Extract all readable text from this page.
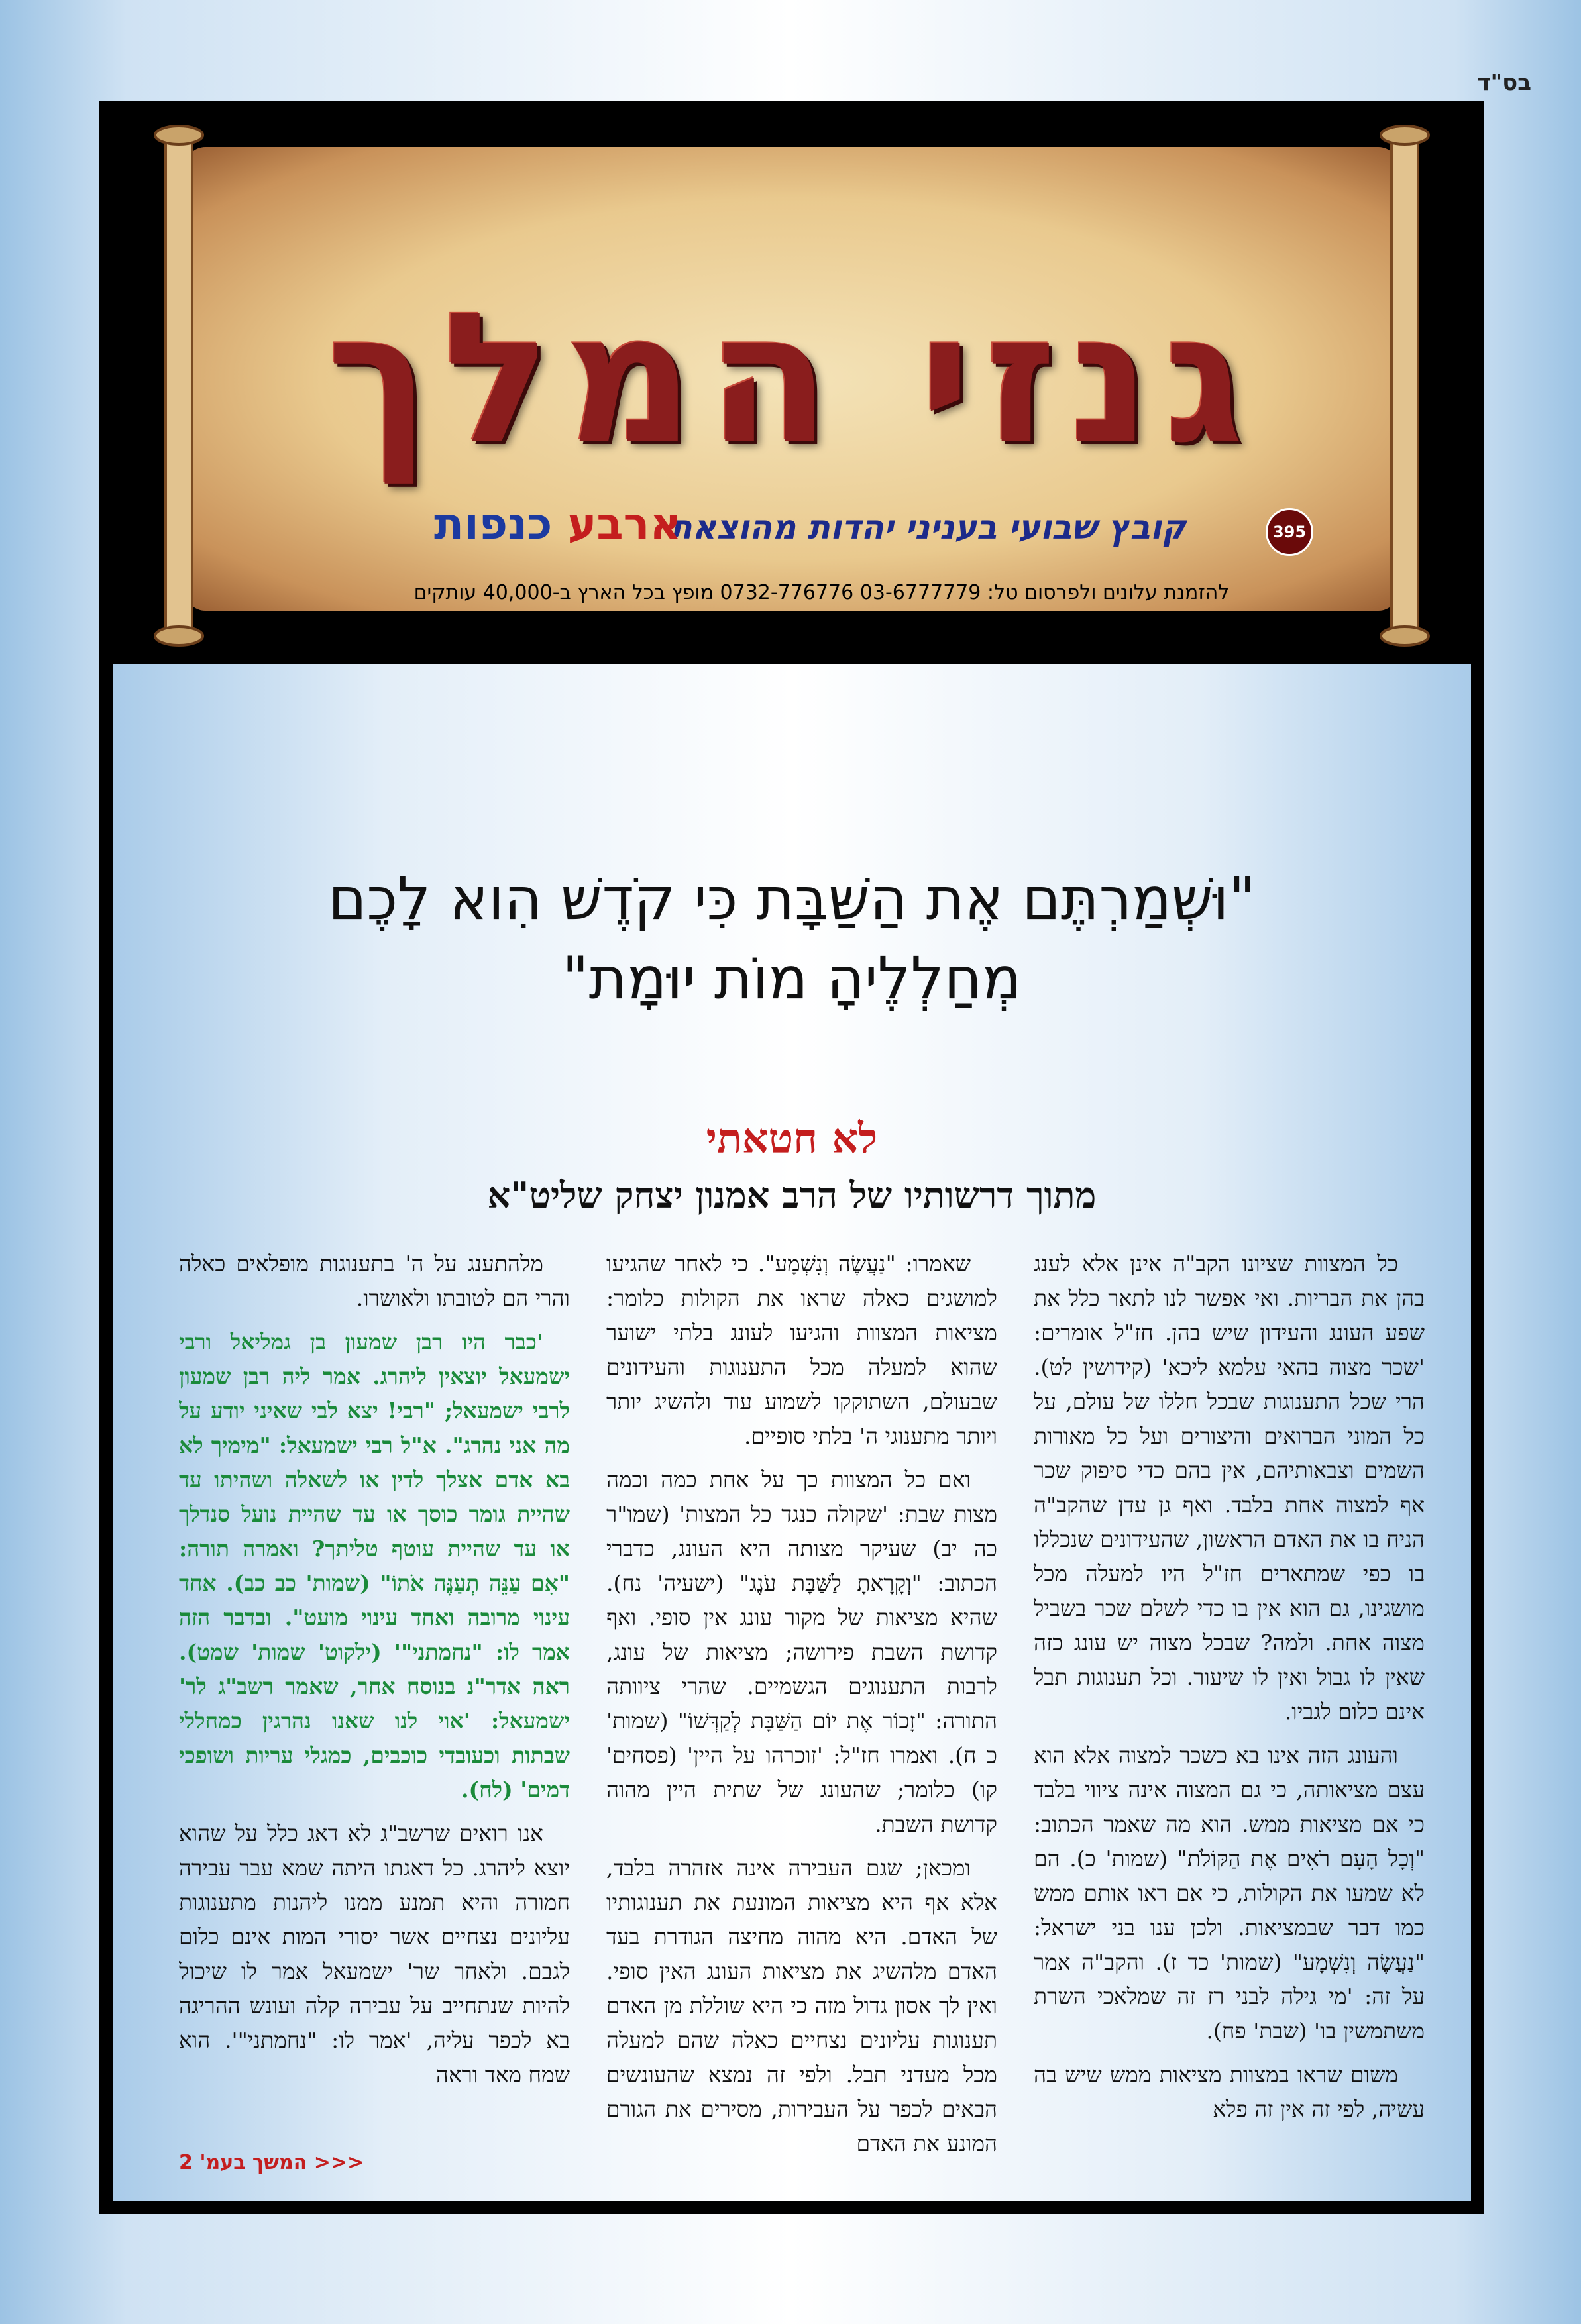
בס"ד
גנזי המלך
395
קובץ שבועי בעניני יהדות מהוצאת
ארבע כנפות
להזמנת עלונים ולפרסום טל: 03-6777779 0732-776776 מופץ בכל הארץ ב-40,000 עותקים
"וּשְׁמַרְתֶּם אֶת הַשַּׁבָּת כִּי קֹדֶשׁ הִוא לָכֶם
מְחַלְלֶיהָ מוֹת יוּמָת"
לא חטאתי
מתוך דרשותיו של הרב אמנון יצחק שליט"א

כל המצוות שציונו הקב"ה אינן אלא לענג בהן את הבריות. ואי אפשר לנו לתאר כלל את שפע העונג והעידון שיש בהן. חז"ל אומרים: 'שכר מצוה בהאי עלמא ליכא' (קידושין לט). הרי שכל התענוגות שבכל חללו של עולם, על כל המוני הברואים והיצורים ועל כל מאורות השמים וצבאותיהם, אין בהם כדי סיפוק שכר אף למצוה אחת בלבד. ואף גן עדן שהקב"ה הניח בו את האדם הראשון, שהעידונים שנכללו בו כפי שמתארים חז"ל היו למעלה מכל מושגינו, גם הוא אין בו כדי לשלם שכר בשביל מצוה אחת. ולמה? שבכל מצוה יש עונג כזה שאין לו גבול ואין לו שיעור. וכל תענוגות תבל אינם כלום לגביו.

והעונג הזה אינו בא כשכר למצוה אלא הוא עצם מציאותה, כי גם המצוה אינה ציווי בלבד כי אם מציאות ממש. הוא מה שאמר הכתוב: "וְכָל הָעָם רֹאִים אֶת הַקּוֹלֹת" (שמות' כ). הם לא שמעו את הקולות, כי אם ראו אותם ממש כמו דבר שבמציאות. ולכן ענו בני ישראל: "נַעֲשֶׂה וְנִשְׁמָע" (שמות' כד ז). והקב"ה אמר על זה: 'מי גילה לבני רז זה שמלאכי השרת משתמשין בו' (שבת' פח).

משום שראו במצוות מציאות ממש שיש בה עשיה, לפי זה אין זה פלא

שאמרו: "נַעֲשֶׂה וְנִשְׁמָע". כי לאחר שהגיעו למושגים כאלה שראו את הקולות כלומר: מציאות המצוות והגיעו לעונג בלתי ישוער שהוא למעלה מכל התענוגות והעידונים שבעולם, השתוקקו לשמוע עוד ולהשיג יותר ויותר מתענוגי ה' בלתי סופיים.

ואם כל המצוות כך על אחת כמה וכמה מצות שבת: 'שקולה כנגד כל המצות' (שמו"ר כה יב) שעיקר מצותה היא העונג, כדברי הכתוב: "וְקָרָאתָ לַשַּׁבָּת עֹנֶג" (ישעיה' נח). שהיא מציאות של מקור עונג אין סופי. ואף קדושת השבת פירושה; מציאות של עונג, לרבות התענוגים הגשמיים. שהרי ציוותה התורה: "זָכוֹר אֶת יוֹם הַשַּׁבָּת לְקַדְּשׁוֹ" (שמות' כ ח). ואמרו חז"ל: 'זוכרהו על היין' (פסחים' קו) כלומר; שהעונג של שתית היין מהוה קדושת השבת.

ומכאן; שגם העבירה אינה אזהרה בלבד, אלא אף היא מציאות המונעת את תענוגותיו של האדם. היא מהוה מחיצה הגודרת בעד האדם מלהשיג את מציאות העונג האין סופי. ואין לך אסון גדול מזה כי היא שוללת מן האדם תענוגות עליונים נצחיים כאלה שהם למעלה מכל מעדני תבל. ולפי זה נמצא שהעונשים הבאים לכפר על העבירות, מסירים את הגורם המונע את האדם

מלהתענג על ה' בתענוגות מופלאים כאלה והרי הם לטובתו ולאושרו.

'כבר היו רבן שמעון בן גמליאל ורבי ישמעאל יוצאין ליהרג. אמר ליה רבן שמעון לרבי ישמעאל; "רבי! יצא לבי שאיני יודע על מה אני נהרג". א"ל רבי ישמעאל: "מימיך לא בא אדם אצלך לדין או לשאלה ושהיתו עד שהיית גומר כוסך או עד שהיית נועל סנדלך או עד שהיית עוטף טליתך? ואמרה תורה: "אִם עַנֵּה תְעַנֶּה אֹתוֹ" (שמות' כב כב). אחד עינוי מרובה ואחד עינוי מועט". ובדבר הזה אמר לו: "נחמתני"' (ילקוט' שמות' שמט). ראה אדר"נ בנוסח אחר, שאמר רשב"ג לר' ישמעאל: 'אוי לנו שאנו נהרגין כמחללי שבתות וכעובדי כוכבים, כמגלי עריות ושופכי דמים' (לח).

אנו רואים שרשב"ג לא דאג כלל על שהוא יוצא ליהרג. כל דאגתו היתה שמא עבר עבירה חמורה והיא תמנע ממנו ליהנות מתענוגות עליונים נצחיים אשר יסורי המות אינם כלום לגבם. ולאחר שר' ישמעאל אמר לו שיכול להיות שנתחייב על עבירה קלה ועונש ההריגה בא לכפר עליה, 'אמר לו: "נחמתני"'. הוא שמח מאד וראה

<<< המשך בעמ' 2
